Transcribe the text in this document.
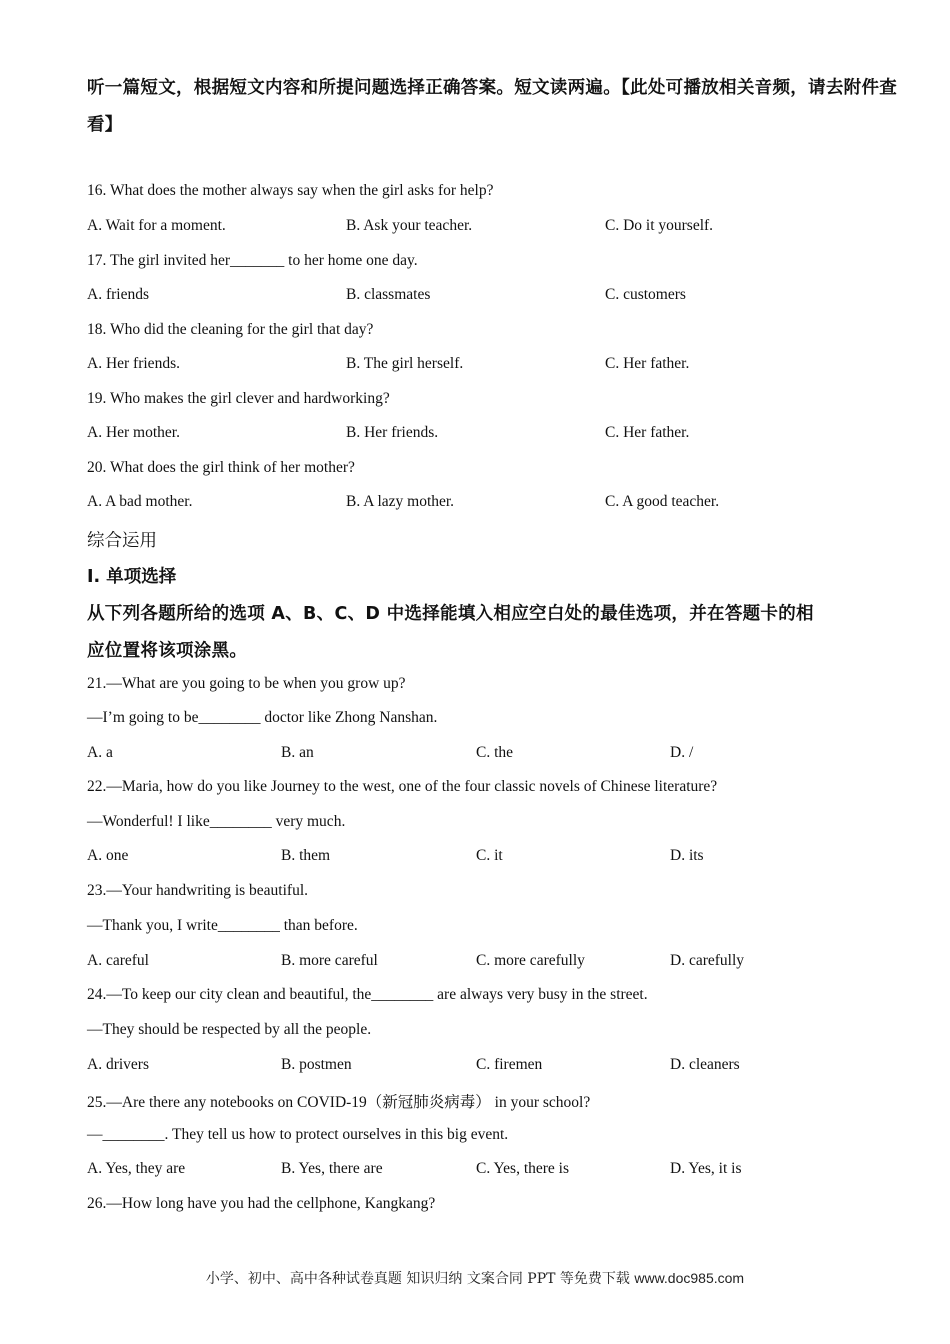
听一篇短文，根据短文内容和所提问题选择正确答案。短文读两遍。【此处可播放相关音频，请去附件查
看】
16. What does the mother always say when the girl asks for help?
A. Wait for a moment.	B. Ask your teacher.	C. Do it yourself.
17. The girl invited her_______ to her home one day.
A. friends	B. classmates	C. customers
18. Who did the cleaning for the girl that day?
A. Her friends.	B. The girl herself.	C. Her father.
19. Who makes the girl clever and hardworking?
A. Her mother.	B. Her friends.	C. Her father.
20. What does the girl think of her mother?
A. A bad mother.	B. A lazy mother.	C. A good teacher.
综合运用
Ⅰ. 单项选择
从下列各题所给的选项 A、B、C、D 中选择能填入相应空白处的最佳选项，并在答题卡的相
应位置将该项涂黑。
21.—What are you going to be when you grow up?
—I’m going to be________ doctor like Zhong Nanshan.
A. a	B. an	C. the	D. /
22.—Maria, how do you like Journey to the west, one of the four classic novels of Chinese literature?
—Wonderful! I like________ very much.
A. one	B. them	C. it	D. its
23.—Your handwriting is beautiful.
—Thank you, I write________ than before.
A. careful	B. more careful	C. more carefully	D. carefully
24.—To keep our city clean and beautiful, the________ are always very busy in the street.
—They should be respected by all the people.
A. drivers	B. postmen	C. firemen	D. cleaners
25.—Are there any notebooks on COVID-19（新冠肺炎病毒） in your school?
—________. They tell us how to protect ourselves in this big event.
A. Yes, they are	B. Yes, there are	C. Yes, there is	D. Yes, it is
26.—How long have you had the cellphone, Kangkang?
小学、初中、高中各种试卷真题 知识归纳 文案合同 PPT 等免费下载 www.doc985.com
